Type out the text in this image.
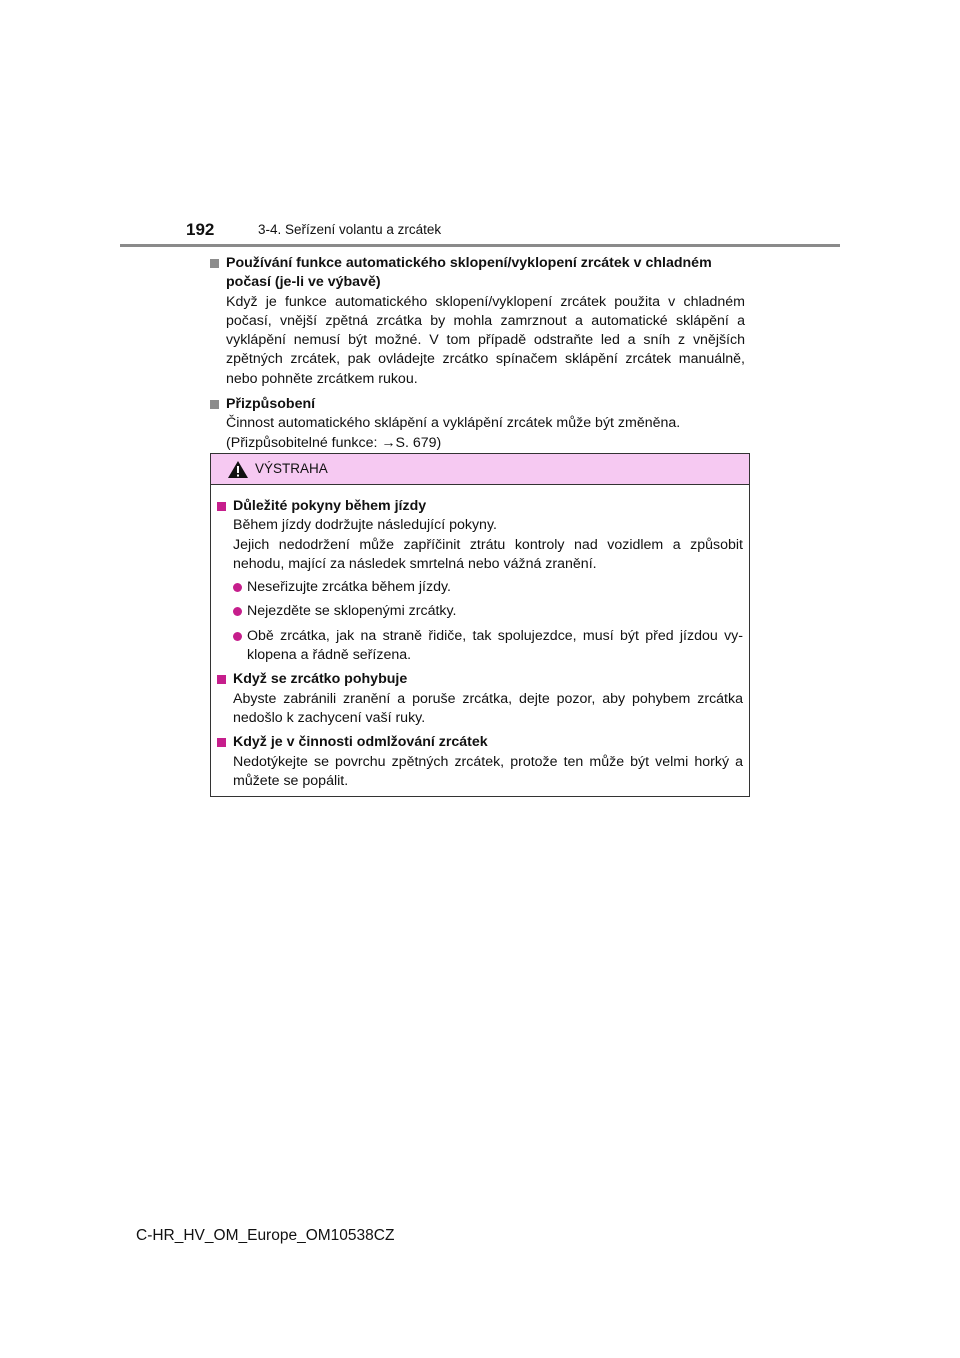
192	3-4. Seřízení volantu a zrcátek
Používání funkce automatického sklopení/vyklopení zrcátek v chladném počasí (je-li ve výbavě)
Když je funkce automatického sklopení/vyklopení zrcátek použita v chladném počasí, vnější zpětná zrcátka by mohla zamrznout a automatické sklápění a vyklápění nemusí být možné. V tom případě odstraňte led a sníh z vnějších zpětných zrcátek, pak ovládejte zrcátko spínačem sklápění zrcátek manuálně, nebo pohněte zrcátkem rukou.
Přizpůsobení
Činnost automatického sklápění a vyklápění zrcátek může být změněna.
(Přizpůsobitelné funkce: →S. 679)
VÝSTRAHA
Důležité pokyny během jízdy
Během jízdy dodržujte následující pokyny.
Jejich nedodržení může zapříčinit ztrátu kontroly nad vozidlem a způsobit nehodu, mající za následek smrtelná nebo vážná zranění.
Neseřizujte zrcátka během jízdy.
Nejezděte se sklopenými zrcátky.
Obě zrcátka, jak na straně řidiče, tak spolujezdce, musí být před jízdou vyklopena a řádně seřízena.
Když se zrcátko pohybuje
Abyste zabránili zranění a poruše zrcátka, dejte pozor, aby pohybem zrcátka nedošlo k zachycení vaší ruky.
Když je v činnosti odmlžování zrcátek
Nedotýkejte se povrchu zpětných zrcátek, protože ten může být velmi horký a můžete se popálit.
C-HR_HV_OM_Europe_OM10538CZ
